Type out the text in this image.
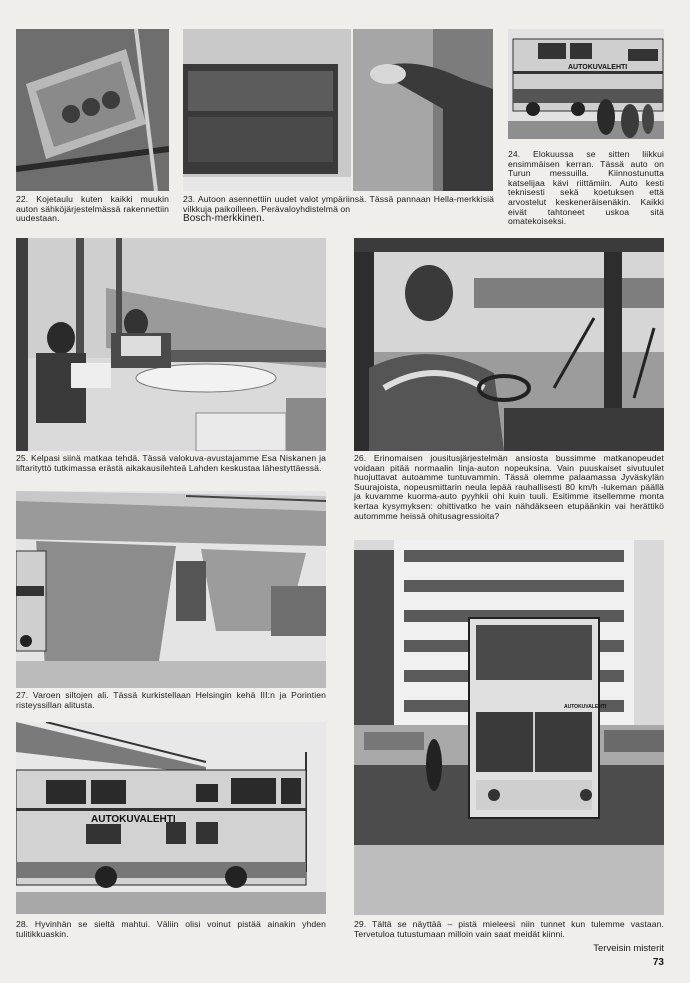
22. Kojetaulu kuten kaikki muukin auton sähköjärjestelmässä rakennettiin uudestaan.
23. Autoon asennettiin uudet valot ympäriinsä. Tässä pannaan Hella-merkkisiä vilkkuja paikoilleen. Perävaloyhdistelmä on
Bosch-merkkinen.
AUTOKUVALEHTI
24. Elokuussa se sitten liikkui ensimmäisen kerran. Tässä auto on Turun messuilla. Kiinnostunutta katselijaa kävi riittämiin. Auto kesti teknisesti sekä koetuksen että arvostelut keskeneräisenäkin. Kaikki eivät tahtoneet uskoa sitä omatekoiseksi.
25. Kelpasi siinä matkaa tehdä. Tässä valokuva-avustajamme Esa Niskanen ja liftarityttö tutkimassa erästä aikakausilehteä Lahden keskustaa lähestyttäessä.
26. Erinomaisen jousitusjärjestelmän ansiosta bussimme matkanopeudet voidaan pitää normaalin linja-auton nopeuksina. Vain puuskaiset sivutuulet huojuttavat autoamme tuntuvammin. Tässä olemme palaamassa Jyväskylän Suurajoista, nopeusmittarin neula lepää rauhallisesti 80 km/h -lukeman päällä ja kuvamme kuorma-auto pyyhkii ohi kuin tuuli. Esitimme itsellemme monta kertaa kysymyksen: ohittivatko he vain nähdäkseen etupäänkin vai herättikö autommme heissä ohitusagressioita?
27. Varoen siltojen ali. Tässä kurkistellaan Helsingin kehä III:n ja Porintien risteyssillan alitusta.
AUTOKUVALEHTI
28. Hyvinhän se sieltä mahtui. Väliin olisi voinut pistää ainakin yhden tulitikkuaskin.
AUTOKUVALEHTI
29. Tältä se näyttää – pistä mieleesi niin tunnet kun tulemme vastaan. Tervetuloa tutustumaan milloin vain saat meidät kiinni.
Terveisin misterit
73
